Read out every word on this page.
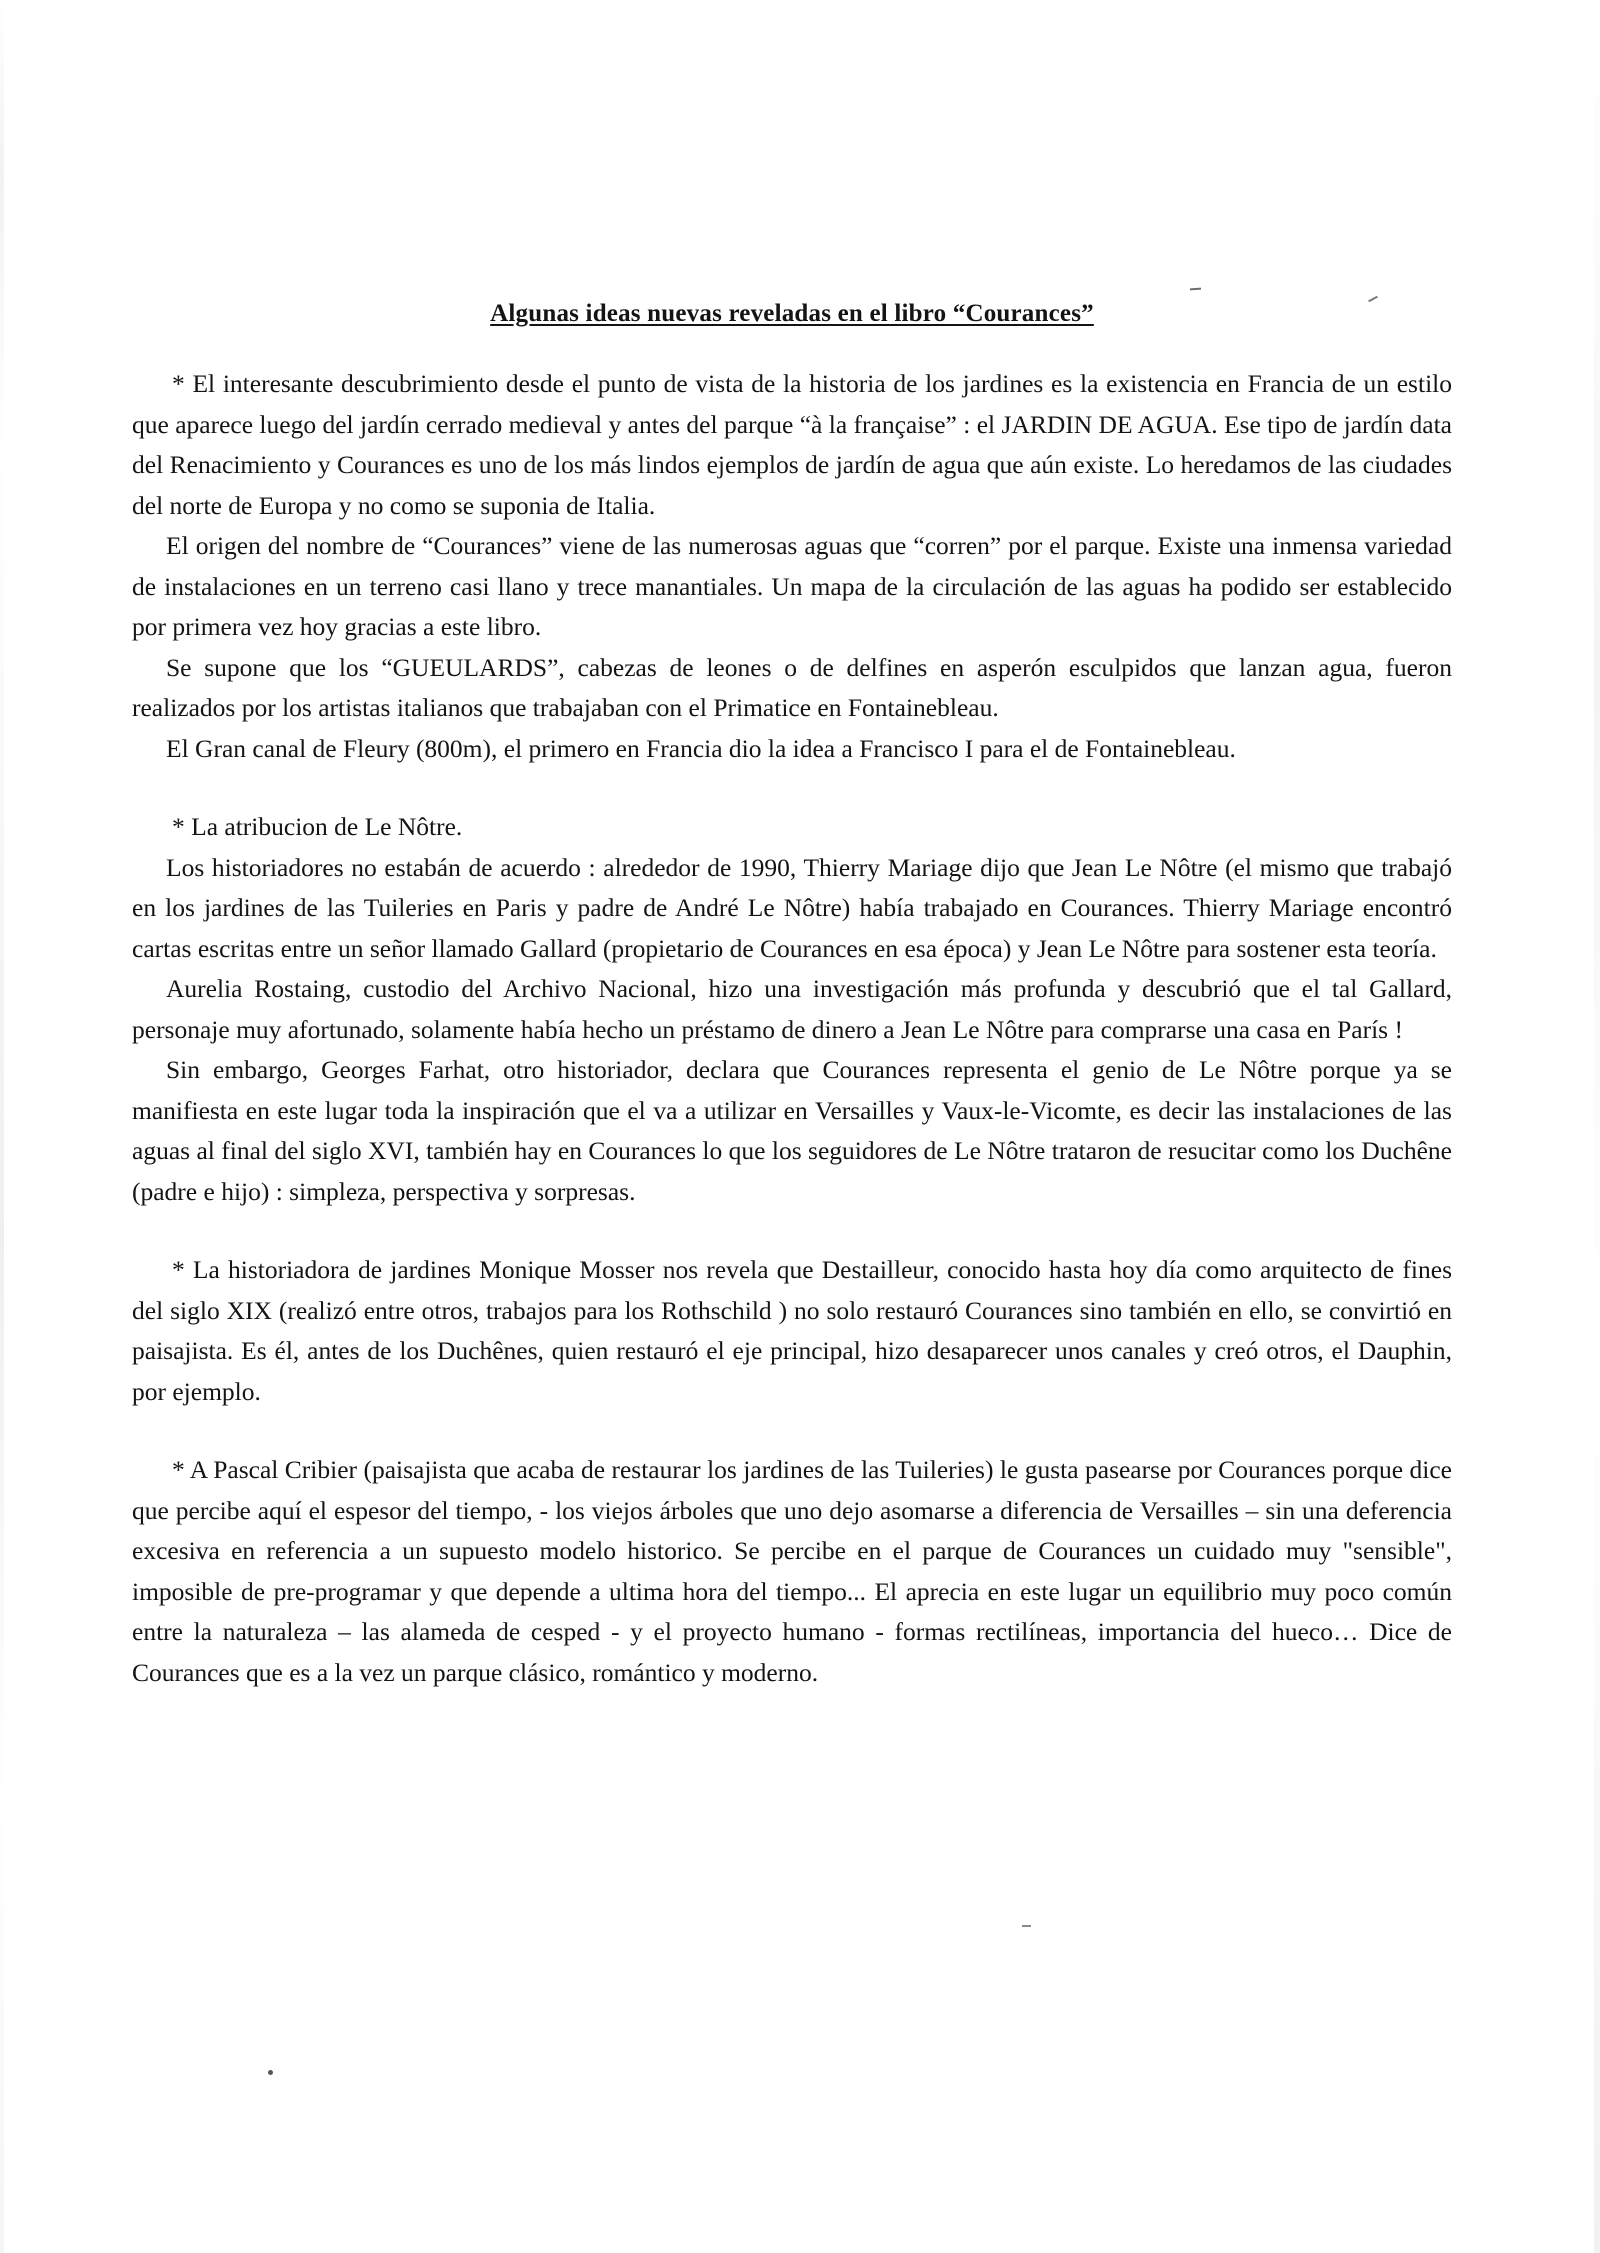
Algunas ideas nuevas reveladas en el libro “Courances”

* El interesante descubrimiento desde el punto de vista de la historia de los jardines es la existencia en Francia de un estilo que aparece luego del jardín cerrado medieval y antes del parque “à la française” : el JARDIN DE AGUA. Ese tipo de jardín data del Renacimiento y Courances es uno de los más lindos ejemplos de jardín de agua que aún existe. Lo heredamos de las ciudades del norte de Europa y no como se suponia de Italia.

El origen del nombre de “Courances” viene de las numerosas aguas que “corren” por el parque. Existe una inmensa variedad de instalaciones en un terreno casi llano y trece manantiales. Un mapa de la circulación de las aguas ha podido ser establecido por primera vez hoy gracias a este libro.

Se supone que los “GUEULARDS”, cabezas de leones o de delfines en asperón esculpidos que lanzan agua, fueron realizados por los artistas italianos que trabajaban con el Primatice en Fontainebleau.

El Gran canal de Fleury (800m), el primero en Francia dio la idea a Francisco I para el de Fontainebleau.

* La atribucion de Le Nôtre.

Los historiadores no estabán de acuerdo : alrededor de 1990, Thierry Mariage dijo que Jean Le Nôtre (el mismo que trabajó en los jardines de las Tuileries en Paris y padre de André Le Nôtre) había trabajado en Courances. Thierry Mariage encontró cartas escritas entre un señor llamado Gallard (propietario de Courances en esa época) y Jean Le Nôtre para sostener esta teoría.

Aurelia Rostaing, custodio del Archivo Nacional, hizo una investigación más profunda y descubrió que el tal Gallard, personaje muy afortunado, solamente había hecho un préstamo de dinero a Jean Le Nôtre para comprarse una casa en París !

Sin embargo, Georges Farhat, otro historiador, declara que Courances representa el genio de Le Nôtre porque ya se manifiesta en este lugar toda la inspiración que el va a utilizar en Versailles y Vaux-le-Vicomte, es decir las instalaciones de las aguas al final del siglo XVI, también hay en Courances lo que los seguidores de Le Nôtre trataron de resucitar como los Duchêne (padre e hijo) : simpleza, perspectiva y sorpresas.

* La historiadora de jardines Monique Mosser nos revela que Destailleur, conocido hasta hoy día como arquitecto de fines del siglo XIX (realizó entre otros, trabajos para los Rothschild ) no solo restauró Courances sino también en ello, se convirtió en paisajista. Es él, antes de los Duchênes, quien restauró el eje principal, hizo desaparecer unos canales y creó otros, el Dauphin, por ejemplo.

* A Pascal Cribier (paisajista que acaba de restaurar los jardines de las Tuileries) le gusta pasearse por Courances porque dice que percibe aquí el espesor del tiempo, - los viejos árboles que uno dejo asomarse a diferencia de Versailles – sin una deferencia excesiva en referencia a un supuesto modelo historico. Se percibe en el parque de Courances un cuidado muy "sensible", imposible de pre-programar y que depende a ultima hora del tiempo... El aprecia en este lugar un equilibrio muy poco común entre la naturaleza – las alameda de cesped - y el proyecto humano - formas rectilíneas, importancia del hueco… Dice de Courances que es a la vez un parque clásico, romántico y moderno.
